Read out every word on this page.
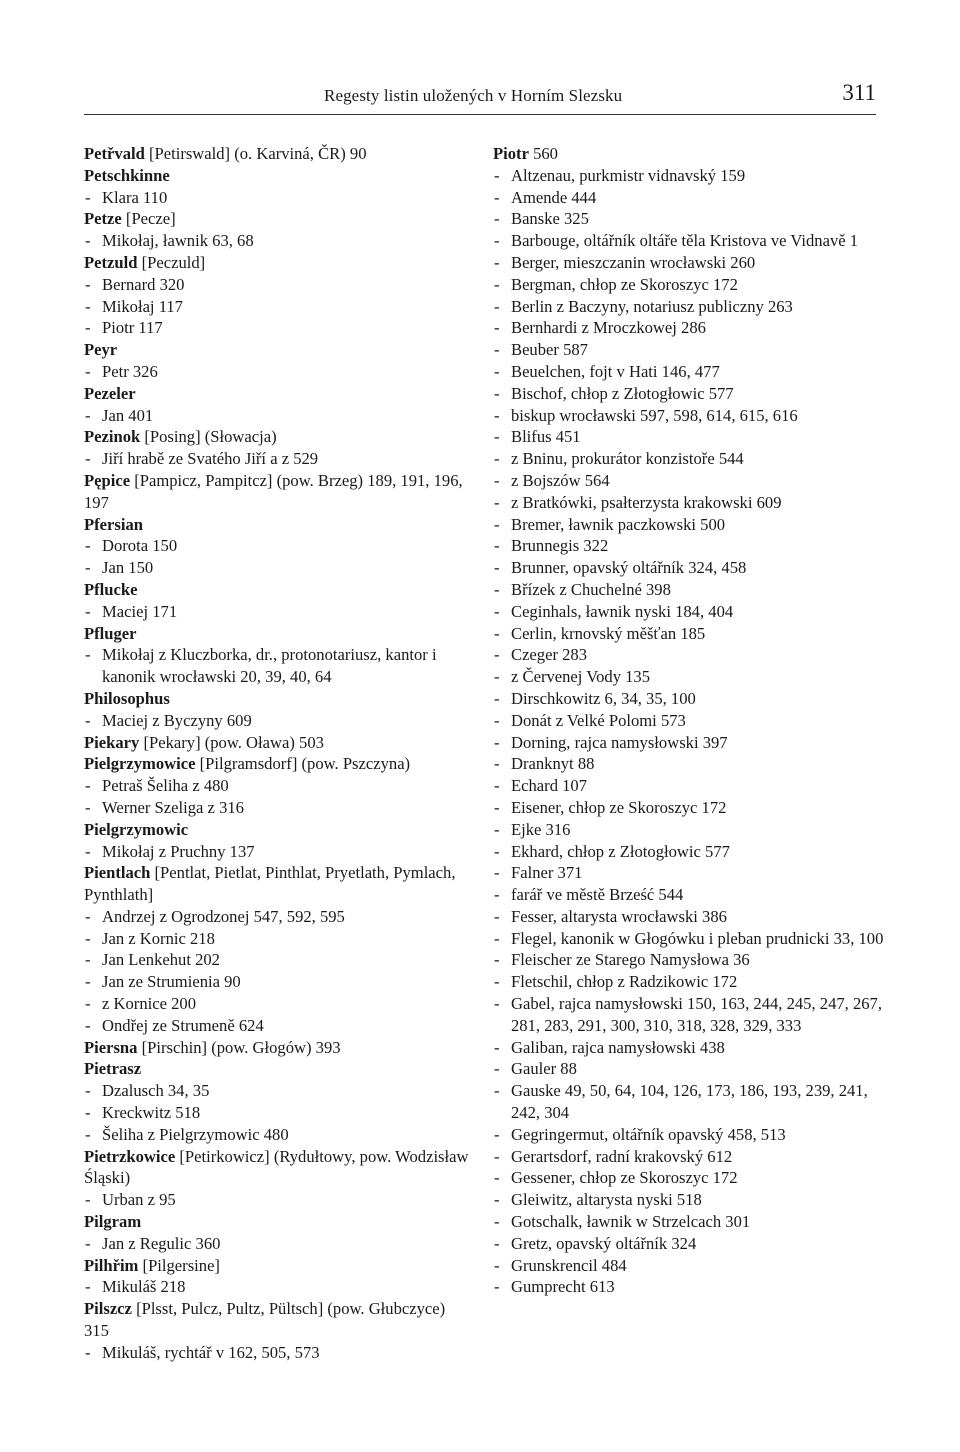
Regesty listin uložených v Horním Slezsku	311
Petřvald [Petirswald] (o. Karviná, ČR) 90
Petschkinne
- Klara 110
Petze [Pecze]
- Mikołaj, ławnik 63, 68
Petzuld [Peczuld]
- Bernard 320
- Mikołaj 117
- Piotr 117
Peyr
- Petr 326
Pezeler
- Jan 401
Pezinok [Posing] (Słowacja)
- Jiří hrabě ze Svatého Jiří a z 529
Pępice [Pampicz, Pampitcz] (pow. Brzeg) 189, 191, 196, 197
Pfersian
- Dorota 150
- Jan 150
Pflucke
- Maciej 171
Pfluger
- Mikołaj z Kluczborka, dr., protonotariusz, kantor i kanonik wrocławski 20, 39, 40, 64
Philosophus
- Maciej z Byczyny 609
Piekary [Pekary] (pow. Oława) 503
Pielgrzymowice [Pilgramsdorf] (pow. Pszczyna)
- Petraš Šeliha z 480
- Werner Szeliga z 316
Pielgrzymowic
- Mikołaj z Pruchny 137
Pientlach [Pentlat, Pietlat, Pinthlat, Pryetlath, Pymlach, Pynthlath]
- Andrzej z Ogrodzonej 547, 592, 595
- Jan z Kornic 218
- Jan Lenkehut 202
- Jan ze Strumienia 90
- z Kornice 200
- Ondřej ze Strumeně 624
Piersna [Pirschin] (pow. Głogów) 393
Pietrasz
- Dzalusch 34, 35
- Kreckwitz 518
- Šeliha z Pielgrzymowic 480
Pietrzkowice [Petirkowicz] (Rydułtowy, pow. Wodzisław Śląski)
- Urban z 95
Pilgram
- Jan z Regulic 360
Pilhřim [Pilgersine]
- Mikuláš 218
Pilszcz [Plsst, Pulcz, Pultz, Pültsch] (pow. Głubczyce) 315
- Mikuláš, rychtář v 162, 505, 573
Piotr 560
- Altzenau, purkmistr vidnavský 159
- Amende 444
- Banske 325
- Barbouge, oltářník oltáře těla Kristova ve Vidnavě 1
- Berger, mieszczanin wrocławski 260
- Bergman, chłop ze Skoroszyc 172
- Berlin z Baczyny, notariusz publiczny 263
- Bernhardi z Mroczkowej 286
- Beuber 587
- Beuelchen, fojt v Hati 146, 477
- Bischof, chłop z Złotogłowic 577
- biskup wrocławski 597, 598, 614, 615, 616
- Blifus 451
- z Bninu, prokurátor konzistoře 544
- z Bojszów 564
- z Bratkówki, psałterzysta krakowski 609
- Bremer, ławnik paczkowski 500
- Brunnegis 322
- Brunner, opavský oltářník 324, 458
- Břízek z Chuchelné 398
- Ceginhals, ławnik nyski 184, 404
- Cerlin, krnovský měšťan 185
- Czeger 283
- z Červenej Vody 135
- Dirschkowitz 6, 34, 35, 100
- Donát z Velké Polomi 573
- Dorning, rajca namysłowski 397
- Dranknyt 88
- Echard 107
- Eisener, chłop ze Skoroszyc 172
- Ejke 316
- Ekhard, chłop z Złotogłowic 577
- Falner 371
- farář ve městě Brześć 544
- Fesser, altarysta wrocławski 386
- Flegel, kanonik w Głogówku i pleban prudnicki 33, 100
- Fleischer ze Starego Namysłowa 36
- Fletschil, chłop z Radzikowic 172
- Gabel, rajca namysłowski 150, 163, 244, 245, 247, 267, 281, 283, 291, 300, 310, 318, 328, 329, 333
- Galiban, rajca namysłowski 438
- Gauler 88
- Gauske 49, 50, 64, 104, 126, 173, 186, 193, 239, 241, 242, 304
- Gegringermut, oltářník opavský 458, 513
- Gerartsdorf, radní krakovský 612
- Gessener, chłop ze Skoroszyc 172
- Gleiwitz, altarysta nyski 518
- Gotschalk, ławnik w Strzelcach 301
- Gretz, opavský oltářník 324
- Grunskrencil 484
- Gumprecht 613
